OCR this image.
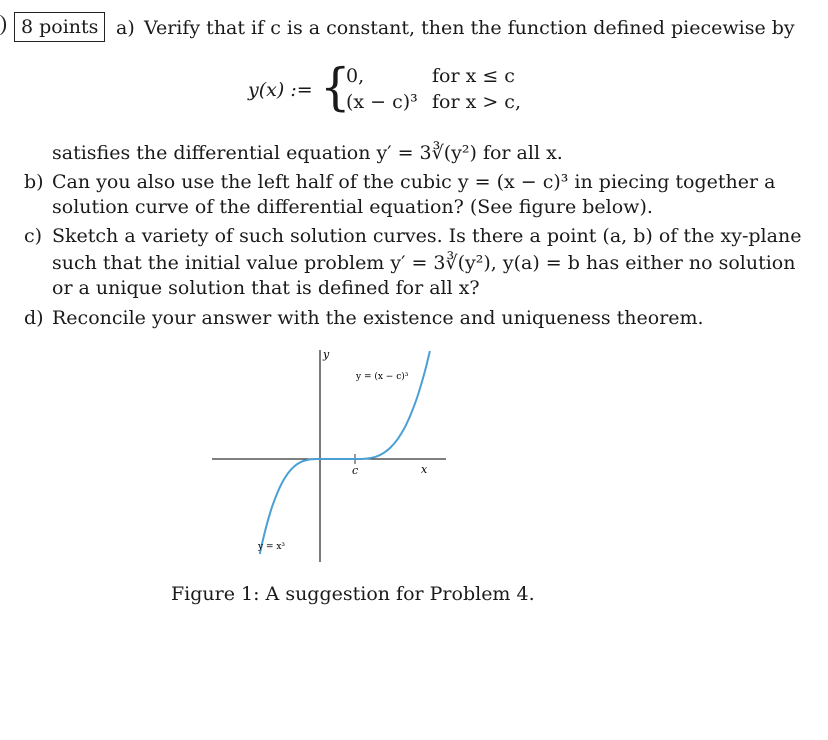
8 points a) Verify that if c is a constant, then the function defined piecewise by
y(x) := {
0,	for x ≤ c
(x − c)³ for x > c,
satisfies the differential equation y′ = 3∛(y²) for all x.
b) Can you also use the left half of the cubic y = (x − c)³ in piecing together a
solution curve of the differential equation? (See figure below).
c) Sketch a variety of such solution curves. Is there a point (a, b) of the xy-plane
such that the initial value problem y′ = 3∛(y²), y(a) = b has either no solution
or a unique solution that is defined for all x?
d) Reconcile your answer with the existence and uniqueness theorem.
y
x
c
y = (x − c)³
y = x³
Figure 1: A suggestion for Problem 4.
